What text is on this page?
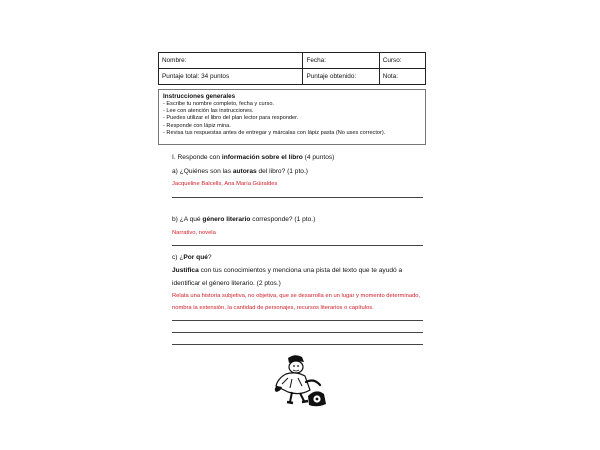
Nombre:	Fecha:	Curso:
Puntaje total: 34 puntos	Puntaje obtenido:	Nota:
Instrucciones generales
- Escribe tu nombre completo, fecha y curso.
- Lee con atención las instrucciones.
- Puedes utilizar el libro del plan lector para responder.
- Responde con lápiz mina.
- Revisa tus respuestas antes de entregar y márcalas con lápiz pasta (No uses corrector).
I. Responde con información sobre el libro (4 puntos)
a) ¿Quiénes son las autoras del libro? (1 pto.)
Jacqueline Balcells, Ana María Güiraldes
b) ¿A qué género literario corresponde? (1 pto.)
Narrativo, novela
c) ¿Por qué?
Justifica con tus conocimientos y menciona una pista del texto que te ayudó a
identificar el género literario. (2 ptos.)
Relata una historia subjetiva, no objetiva, que se desarrolla en un lugar y momento determinado,
nombra la extensión, la cantidad de personajes, recursos literarios o capítulos.
